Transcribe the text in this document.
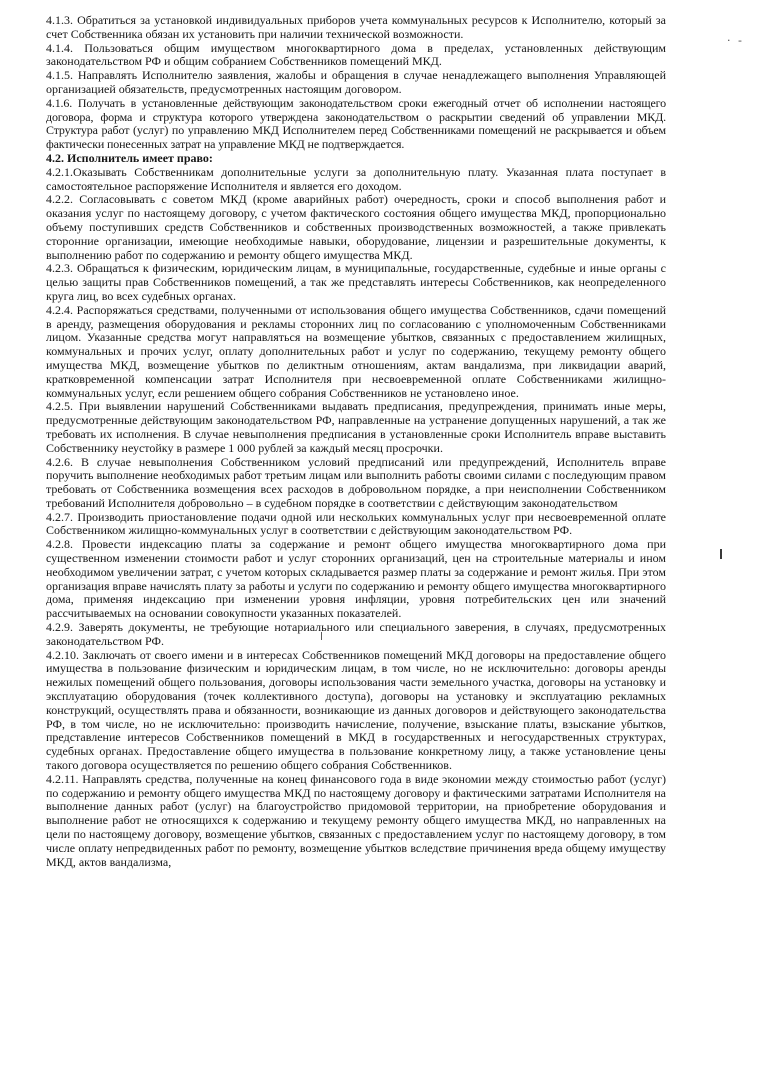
· -

4.1.3. Обратиться за установкой индивидуальных приборов учета коммунальных ресурсов к Исполнителю, который за счет Собственника обязан их установить при наличии технической возможности.

4.1.4. Пользоваться общим имуществом многоквартирного дома в пределах, установленных действующим законодательством РФ и общим собранием Собственников помещений МКД.

4.1.5. Направлять Исполнителю заявления, жалобы и обращения в случае ненадлежащего выполнения Управляющей организацией обязательств, предусмотренных настоящим договором.

4.1.6. Получать в установленные действующим законодательством сроки ежегодный отчет об исполнении настоящего договора, форма и структура которого утверждена законодательством о раскрытии сведений об управлении МКД. Структура работ (услуг) по управлению МКД Исполнителем перед Собственниками помещений не раскрывается и объем фактически понесенных затрат на управление МКД не подтверждается.

4.2. Исполнитель имеет право:

4.2.1.Оказывать Собственникам дополнительные услуги за дополнительную плату. Указанная плата поступает в самостоятельное распоряжение Исполнителя и является его доходом.

4.2.2. Согласовывать с советом МКД (кроме аварийных работ) очередность, сроки и способ выполнения работ и оказания услуг по настоящему договору, с учетом фактического состояния общего имущества МКД, пропорционально объему поступивших средств Собственников и собственных производственных возможностей, а также привлекать сторонние организации, имеющие необходимые навыки, оборудование, лицензии и разрешительные документы, к выполнению работ по содержанию и ремонту общего имущества МКД.

4.2.3. Обращаться к физическим, юридическим лицам, в муниципальные, государственные, судебные и иные органы с целью защиты прав Собственников помещений, а так же представлять интересы Собственников, как неопределенного круга лиц, во всех судебных органах.

4.2.4. Распоряжаться средствами, полученными от использования общего имущества Собственников, сдачи помещений в аренду, размещения оборудования и рекламы сторонних лиц по согласованию с уполномоченным Собственниками лицом. Указанные средства могут направляться на возмещение убытков, связанных с предоставлением жилищных, коммунальных и прочих услуг, оплату дополнительных работ и услуг по содержанию, текущему ремонту общего имущества МКД, возмещение убытков по деликтным отношениям, актам вандализма, при ликвидации аварий, кратковременной компенсации затрат Исполнителя при несвоевременной оплате Собственниками жилищно-коммунальных услуг, если решением общего собрания Собственников не установлено иное.

4.2.5. При выявлении нарушений Собственниками выдавать предписания, предупреждения, принимать иные меры, предусмотренные действующим законодательством РФ, направленные на устранение допущенных нарушений, а так же требовать их исполнения. В случае невыполнения предписания в установленные сроки Исполнитель вправе выставить Собственнику неустойку в размере 1 000 рублей за каждый месяц просрочки.

4.2.6. В случае невыполнения Собственником условий предписаний или предупреждений, Исполнитель вправе поручить выполнение необходимых работ третьим лицам или выполнить работы своими силами с последующим правом требовать от Собственника возмещения всех расходов в добровольном порядке, а при неисполнении Собственником требований Исполнителя добровольно – в судебном порядке в соответствии с действующим законодательством

4.2.7. Производить приостановление подачи одной или нескольких коммунальных услуг при несвоевременной оплате Собственником жилищно-коммунальных услуг в соответствии с действующим законодательством РФ.

4.2.8. Провести индексацию платы за содержание и ремонт общего имущества многоквартирного дома при существенном изменении стоимости работ и услуг сторонних организаций, цен на строительные материалы и ином необходимом увеличении затрат, с учетом которых складывается размер платы за содержание и ремонт жилья. При этом организация вправе начислять плату за работы и услуги по содержанию и ремонту общего имущества многоквартирного дома, применяя индексацию при изменении уровня инфляции, уровня потребительских цен или значений рассчитываемых на основании совокупности указанных показателей.

4.2.9. Заверять документы, не требующие нотариального или специального заверения, в случаях, предусмотренных законодательством РФ.

4.2.10. Заключать от своего имени и в интересах Собственников помещений МКД договоры на предоставление общего имущества в пользование физическим и юридическим лицам, в том числе, но не исключительно: договоры аренды нежилых помещений общего пользования, договоры использования части земельного участка, договоры на установку и эксплуатацию оборудования (точек коллективного доступа), договоры на установку и эксплуатацию рекламных конструкций, осуществлять права и обязанности, возникающие из данных договоров и действующего законодательства РФ, в том числе, но не исключительно: производить начисление, получение, взыскание платы, взыскание убытков, представление интересов Собственников помещений в МКД в государственных и негосударственных структурах, судебных органах. Предоставление общего имущества в пользование конкретному лицу, а также установление цены такого договора осуществляется по решению общего собрания Собственников.

4.2.11. Направлять средства, полученные на конец финансового года в виде экономии между стоимостью работ (услуг) по содержанию и ремонту общего имущества МКД по настоящему договору и фактическими затратами Исполнителя на выполнение данных работ (услуг) на благоустройство придомовой территории, на приобретение оборудования и выполнение работ не относящихся к содержанию и текущему ремонту общего имущества МКД, но направленных на цели по настоящему договору, возмещение убытков, связанных с предоставлением услуг по настоящему договору, в том числе оплату непредвиденных работ по ремонту, возмещение убытков вследствие причинения вреда общему имуществу МКД, актов вандализма,
